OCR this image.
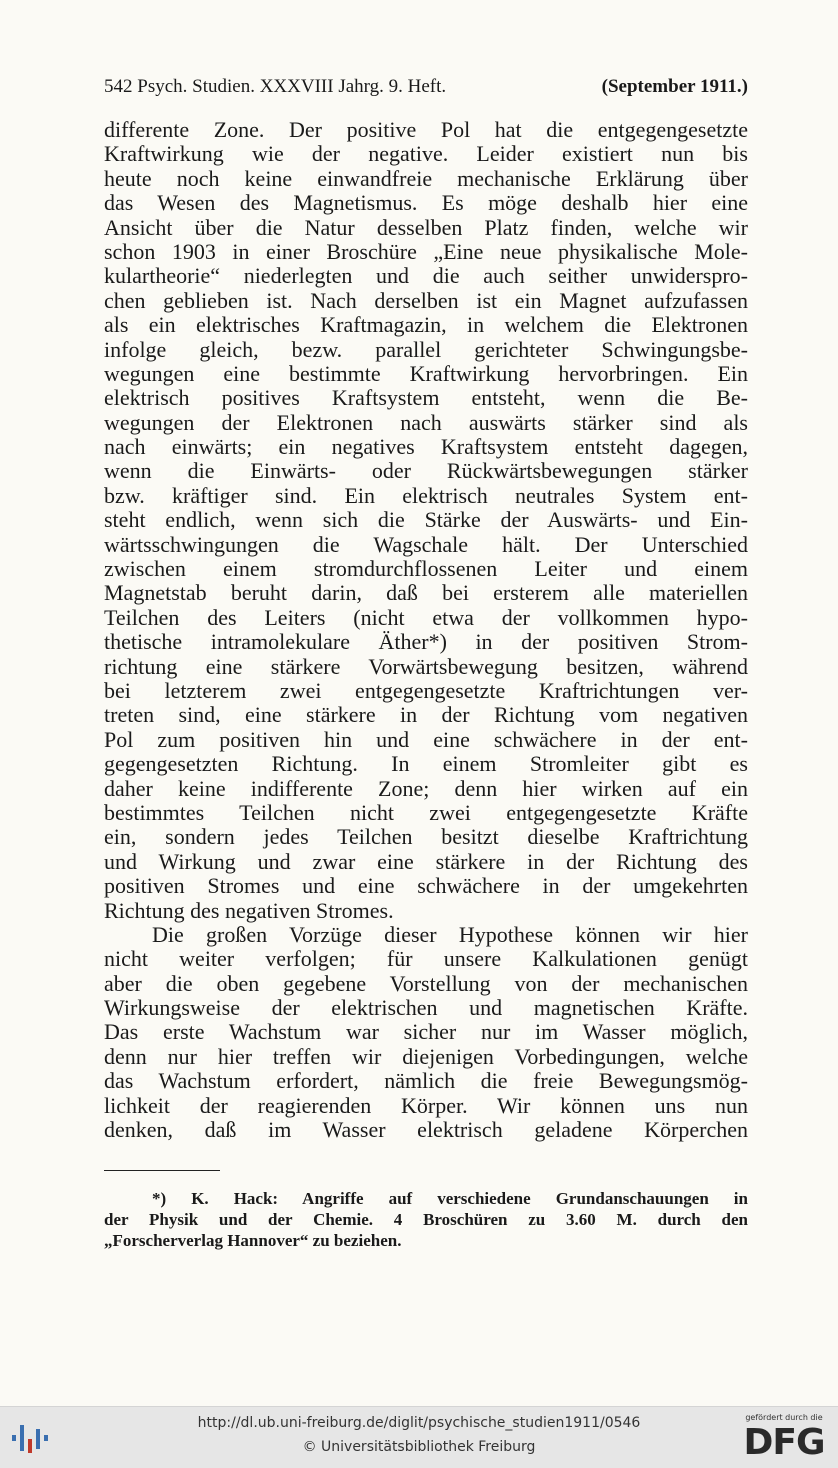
542 Psych. Studien. XXXVIII Jahrg. 9. Heft.	(September 1911.)
differente Zone. Der positive Pol hat die entgegengesetzte
Kraftwirkung wie der negative. Leider existiert nun bis
heute noch keine einwandfreie mechanische Erklärung über
das Wesen des Magnetismus. Es möge deshalb hier eine
Ansicht über die Natur desselben Platz finden, welche wir
schon 1903 in einer Broschüre „Eine neue physikalische Mole-
kulartheorie“ niederlegten und die auch seither unwiderspro-
chen geblieben ist. Nach derselben ist ein Magnet aufzufassen
als ein elektrisches Kraftmagazin, in welchem die Elektronen
infolge gleich, bezw. parallel gerichteter Schwingungsbe-
wegungen eine bestimmte Kraftwirkung hervorbringen. Ein
elektrisch positives Kraftsystem entsteht, wenn die Be-
wegungen der Elektronen nach auswärts stärker sind als
nach einwärts; ein negatives Kraftsystem entsteht dagegen,
wenn die Einwärts- oder Rückwärtsbewegungen stärker
bzw. kräftiger sind. Ein elektrisch neutrales System ent-
steht endlich, wenn sich die Stärke der Auswärts- und Ein-
wärtsschwingungen die Wagschale hält. Der Unterschied
zwischen einem stromdurchflossenen Leiter und einem
Magnetstab beruht darin, daß bei ersterem alle materiellen
Teilchen des Leiters (nicht etwa der vollkommen hypo-
thetische intramolekulare Äther*) in der positiven Strom-
richtung eine stärkere Vorwärtsbewegung besitzen, während
bei letzterem zwei entgegengesetzte Kraftrichtungen ver-
treten sind, eine stärkere in der Richtung vom negativen
Pol zum positiven hin und eine schwächere in der ent-
gegengesetzten Richtung. In einem Stromleiter gibt es
daher keine indifferente Zone; denn hier wirken auf ein
bestimmtes Teilchen nicht zwei entgegengesetzte Kräfte
ein, sondern jedes Teilchen besitzt dieselbe Kraftrichtung
und Wirkung und zwar eine stärkere in der Richtung des
positiven Stromes und eine schwächere in der umgekehrten
Richtung des negativen Stromes.
Die großen Vorzüge dieser Hypothese können wir hier
nicht weiter verfolgen; für unsere Kalkulationen genügt
aber die oben gegebene Vorstellung von der mechanischen
Wirkungsweise der elektrischen und magnetischen Kräfte.
Das erste Wachstum war sicher nur im Wasser möglich,
denn nur hier treffen wir diejenigen Vorbedingungen, welche
das Wachstum erfordert, nämlich die freie Bewegungsmög-
lichkeit der reagierenden Körper. Wir können uns nun
denken, daß im Wasser elektrisch geladene Körperchen
*) K. Hack: Angriffe auf verschiedene Grundanschauungen in
der Physik und der Chemie. 4 Broschüren zu 3.60 M. durch den
„Forscherverlag Hannover“ zu beziehen.
http://dl.ub.uni-freiburg.de/diglit/psychische_studien1911/0546
© Universitätsbibliothek Freiburg
gefördert durch die
DFG
